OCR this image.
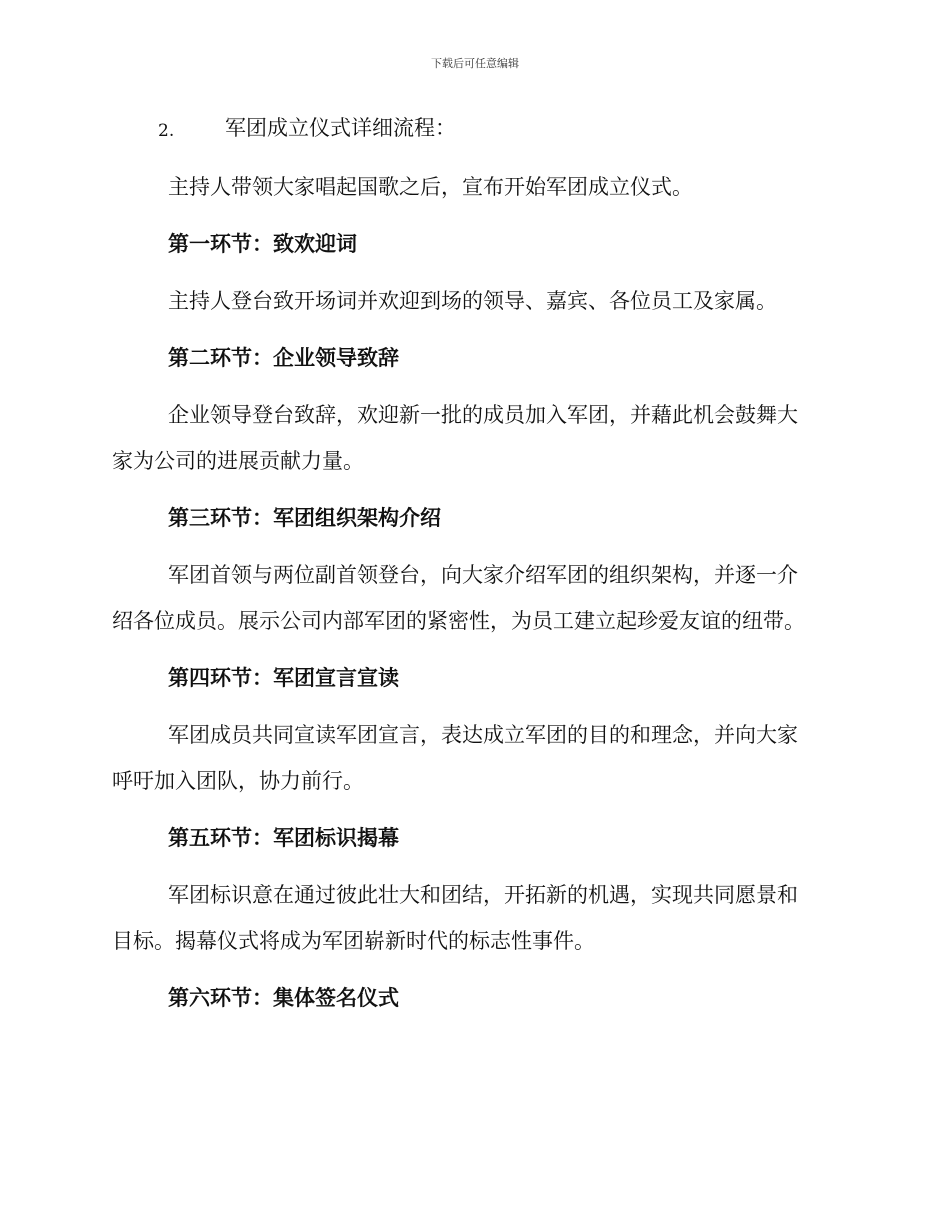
下载后可任意编辑
2. 军团成立仪式详细流程：
主持人带领大家唱起国歌之后，宣布开始军团成立仪式。
第一环节：致欢迎词
主持人登台致开场词并欢迎到场的领导、嘉宾、各位员工及家属。
第二环节：企业领导致辞
企业领导登台致辞，欢迎新一批的成员加入军团，并藉此机会鼓舞大
家为公司的进展贡献力量。
第三环节：军团组织架构介绍
军团首领与两位副首领登台，向大家介绍军团的组织架构，并逐一介
绍各位成员。展示公司内部军团的紧密性，为员工建立起珍爱友谊的纽带。
第四环节：军团宣言宣读
军团成员共同宣读军团宣言，表达成立军团的目的和理念，并向大家
呼吁加入团队，协力前行。
第五环节：军团标识揭幕
军团标识意在通过彼此壮大和团结，开拓新的机遇，实现共同愿景和
目标。揭幕仪式将成为军团崭新时代的标志性事件。
第六环节：集体签名仪式
